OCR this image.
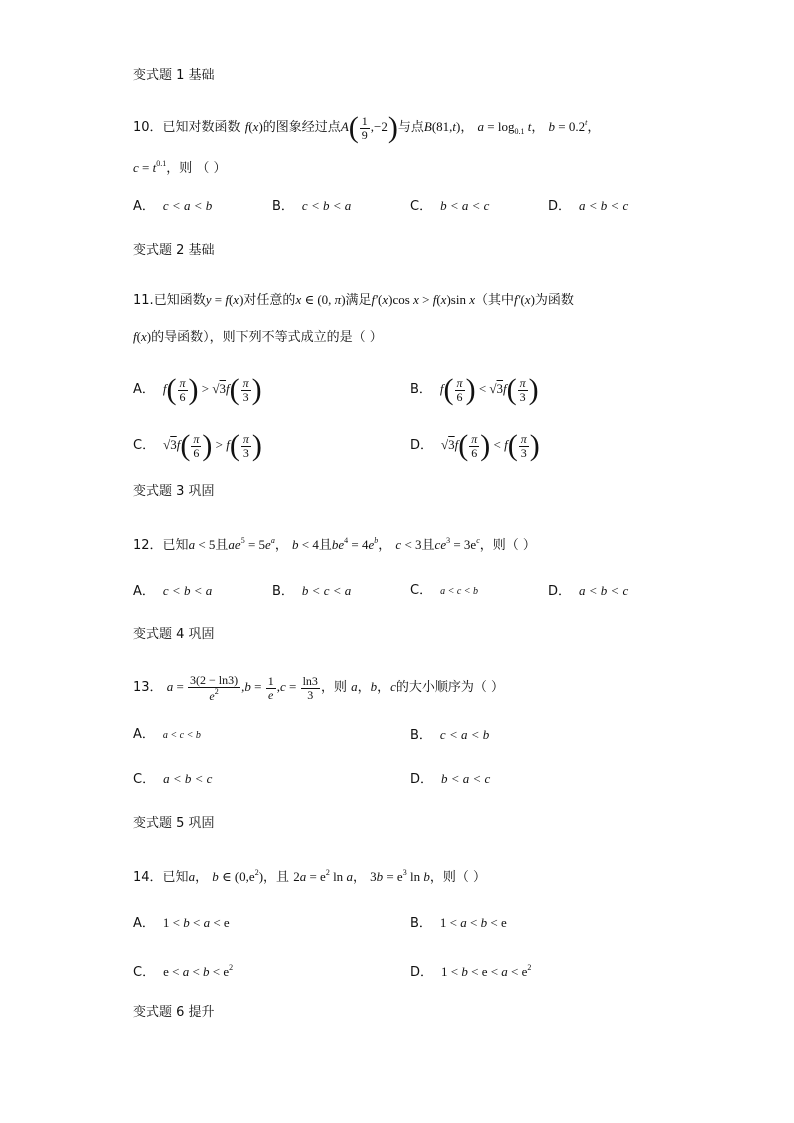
变式题 1 基础
10．已知对数函数 f(x)的图象经过点$A( \frac{1}{9} ,-2)$与点B(81,t)， $a = \log_{0.1} t$， $b = 0.2^t$，
$c = t^{0.1}$，则 （ ）
A． c < a < b	B． c < b < a	C． b < a < c	D． a < b < c
变式题 2 基础
11.已知函数y = f(x)对任意的x ∈ (0, π)满足f′(x)cos x > f(x)sin x（其中f′(x)为函数
f(x)的导函数），则下列不等式成立的是（ ）
A． $f( \frac{\pi}{6}$ ) > $√3f( \frac{\pi}{3}$ )	B． $f( \frac{\pi}{6}$ ) < $√3f( \frac{\pi}{3}$ )
C． $√3f( \frac{\pi}{6}$ ) > $f( \frac{\pi}{3}$ )	D． $√3f( \frac{\pi}{6}$ ) < $f( \frac{\pi}{3}$ )
变式题 3 巩固
12．已知a < 5且$ae^5 = 5e^a$， b < 4且$be^4 = 4e^b$， c < 3且$ce^3 = 3e^c$，则（ ）
A． c < b < a	B． b < c < a	C． a < c < b	D． a < b < c
变式题 4 巩固
13． $a = \frac{3(2 - \ln 3)}{e^2} ,b = \frac{1}{e} ,c = \frac{\ln 3}{3}$ ，则 a，b，c的大小顺序为（ ）
A． a < c < b	B． c < a < b
C． a < b < c	D． b < a < c
变式题 5 巩固
14．已知a， b ∈ $(0,e^2)$，且 $2a = e^2$ ln a， $3b = e^3$ ln b，则（ ）
A． 1 < b < a < e	B． 1 < a < b < e
C． $e < a < b < e^2$	D． $1 < b < e < a < e^2$
变式题 6 提升
